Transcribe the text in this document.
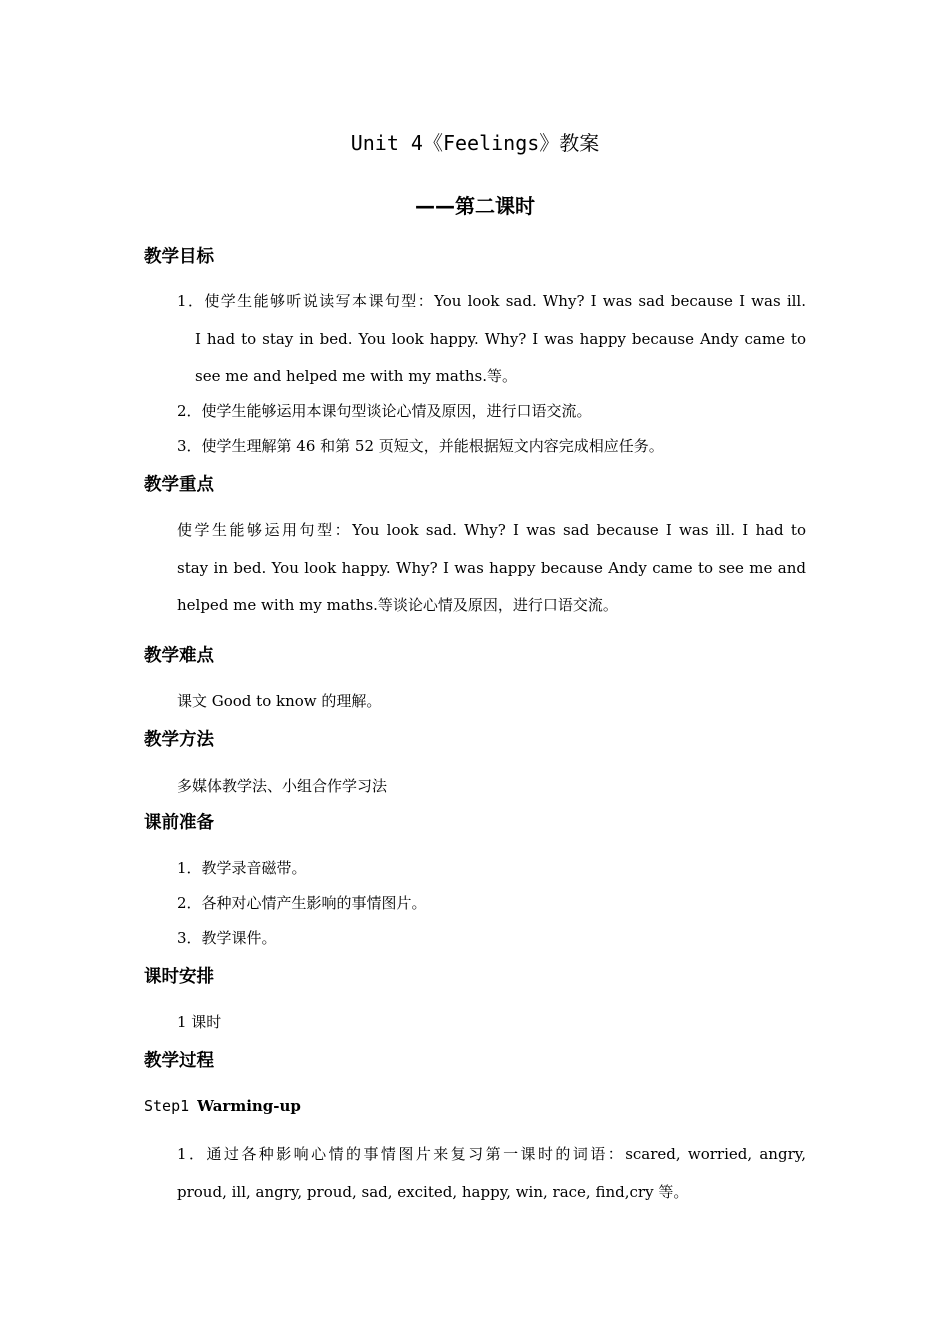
Unit 4《Feelings》教案
——第二课时
教学目标
1．使学生能够听说读写本课句型：You look sad. Why? I was sad because I was ill.
I had to stay in bed. You look happy. Why? I was happy because Andy came to
see me and helped me with my maths.等。
2．使学生能够运用本课句型谈论心情及原因，进行口语交流。
3．使学生理解第 46 和第 52 页短文，并能根据短文内容完成相应任务。
教学重点
使学生能够运用句型：You look sad. Why? I was sad because I was ill. I had to
stay in bed. You look happy. Why? I was happy because Andy came to see me and
helped me with my maths.等谈论心情及原因，进行口语交流。
教学难点
课文 Good to know 的理解。
教学方法
多媒体教学法、小组合作学习法
课前准备
1．教学录音磁带。
2．各种对心情产生影响的事情图片。
3．教学课件。
课时安排
1 课时
教学过程
Step1 Warming-up
1．通过各种影响心情的事情图片来复习第一课时的词语：scared, worried, angry,
proud, ill, angry, proud, sad, excited, happy, win, race, find,cry 等。
